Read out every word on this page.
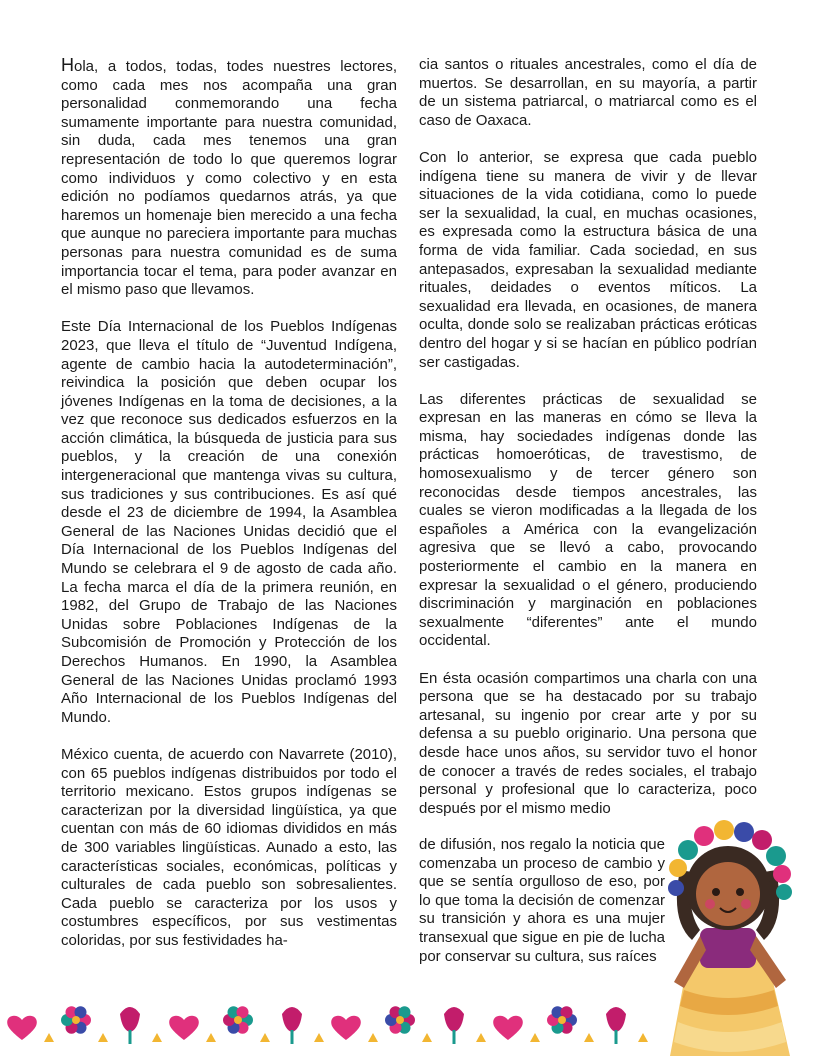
Hola, a todos, todas, todes nuestres lectores, como cada mes nos acompaña una gran personalidad conmemorando una fecha sumamente importante para nuestra comunidad, sin duda, cada mes tenemos una gran representación de todo lo que queremos lograr como individuos y como colectivo y en esta edición no podíamos quedarnos atrás, ya que haremos un homenaje bien merecido a una fecha que aunque no pareciera importante para muchas personas para nuestra comunidad es de suma importancia tocar el tema, para poder avanzar en el mismo paso que llevamos.

Este Día Internacional de los Pueblos Indígenas 2023, que lleva el título de “Juventud Indígena, agente de cambio hacia la autodeterminación”, reivindica la posición que deben ocupar los jóvenes Indígenas en la toma de decisiones, a la vez que reconoce sus dedicados esfuerzos en la acción climática, la búsqueda de justicia para sus pueblos, y la creación de una conexión intergeneracional que mantenga vivas su cultura, sus tradiciones y sus contribuciones. Es así qué desde el 23 de diciembre de 1994, la Asamblea General de las Naciones Unidas decidió que el Día Internacional de los Pueblos Indígenas del Mundo se celebrara el 9 de agosto de cada año. La fecha marca el día de la primera reunión, en 1982, del Grupo de Trabajo de las Naciones Unidas sobre Poblaciones Indígenas de la Subcomisión de Promoción y Protección de los Derechos Humanos. En 1990, la Asamblea General de las Naciones Unidas proclamó 1993 Año Internacional de los Pueblos Indígenas del Mundo.

México cuenta, de acuerdo con Navarrete (2010), con 65 pueblos indígenas distribuidos por todo el territorio mexicano. Estos grupos indígenas se caracterizan por la diversidad lingüística, ya que cuentan con más de 60 idiomas divididos en más de 300 variables lingüísticas. Aunado a esto, las características sociales, económicas, políticas y culturales de cada pueblo son sobresalientes. Cada pueblo se caracteriza por los usos y costumbres específicos, por sus vestimentas coloridas, por sus festividades ha-

cia santos o rituales ancestrales, como el día de muertos. Se desarrollan, en su mayoría, a partir de un sistema patriarcal, o matriarcal como es el caso de Oaxaca.

Con lo anterior, se expresa que cada pueblo indígena tiene su manera de vivir y de llevar situaciones de la vida cotidiana, como lo puede ser la sexualidad, la cual, en muchas ocasiones, es expresada como la estructura básica de una forma de vida familiar. Cada sociedad, en sus antepasados, expresaban la sexualidad mediante rituales, deidades o eventos míticos. La sexualidad era llevada, en ocasiones, de manera oculta, donde solo se realizaban prácticas eróticas dentro del hogar y si se hacían en público podrían ser castigadas.

Las diferentes prácticas de sexualidad se expresan en las maneras en cómo se lleva la misma, hay sociedades indígenas donde las prácticas homoeróticas, de travestismo, de homosexualismo y de tercer género son reconocidas desde tiempos ancestrales, las cuales se vieron modificadas a la llegada de los españoles a América con la evangelización agresiva que se llevó a cabo, provocando posteriormente el cambio en la manera en expresar la sexualidad o el género, produciendo discriminación y marginación en poblaciones sexualmente “diferentes” ante el mundo occidental.

En ésta ocasión compartimos una charla con una persona que se ha destacado por su trabajo artesanal, su ingenio por crear arte y por su defensa a su pueblo originario. Una persona que desde hace unos años, su servidor tuvo el honor de conocer a través de redes sociales, el trabajo personal y profesional que lo caracteriza, poco después por el mismo medio

de difusión, nos regalo la noticia que comenzaba un proceso de cambio y que se sentía orgulloso de eso, por lo que toma la decisión de comenzar su transición y ahora es una mujer transexual que sigue en pie de lucha por conservar su cultura, sus raíces
